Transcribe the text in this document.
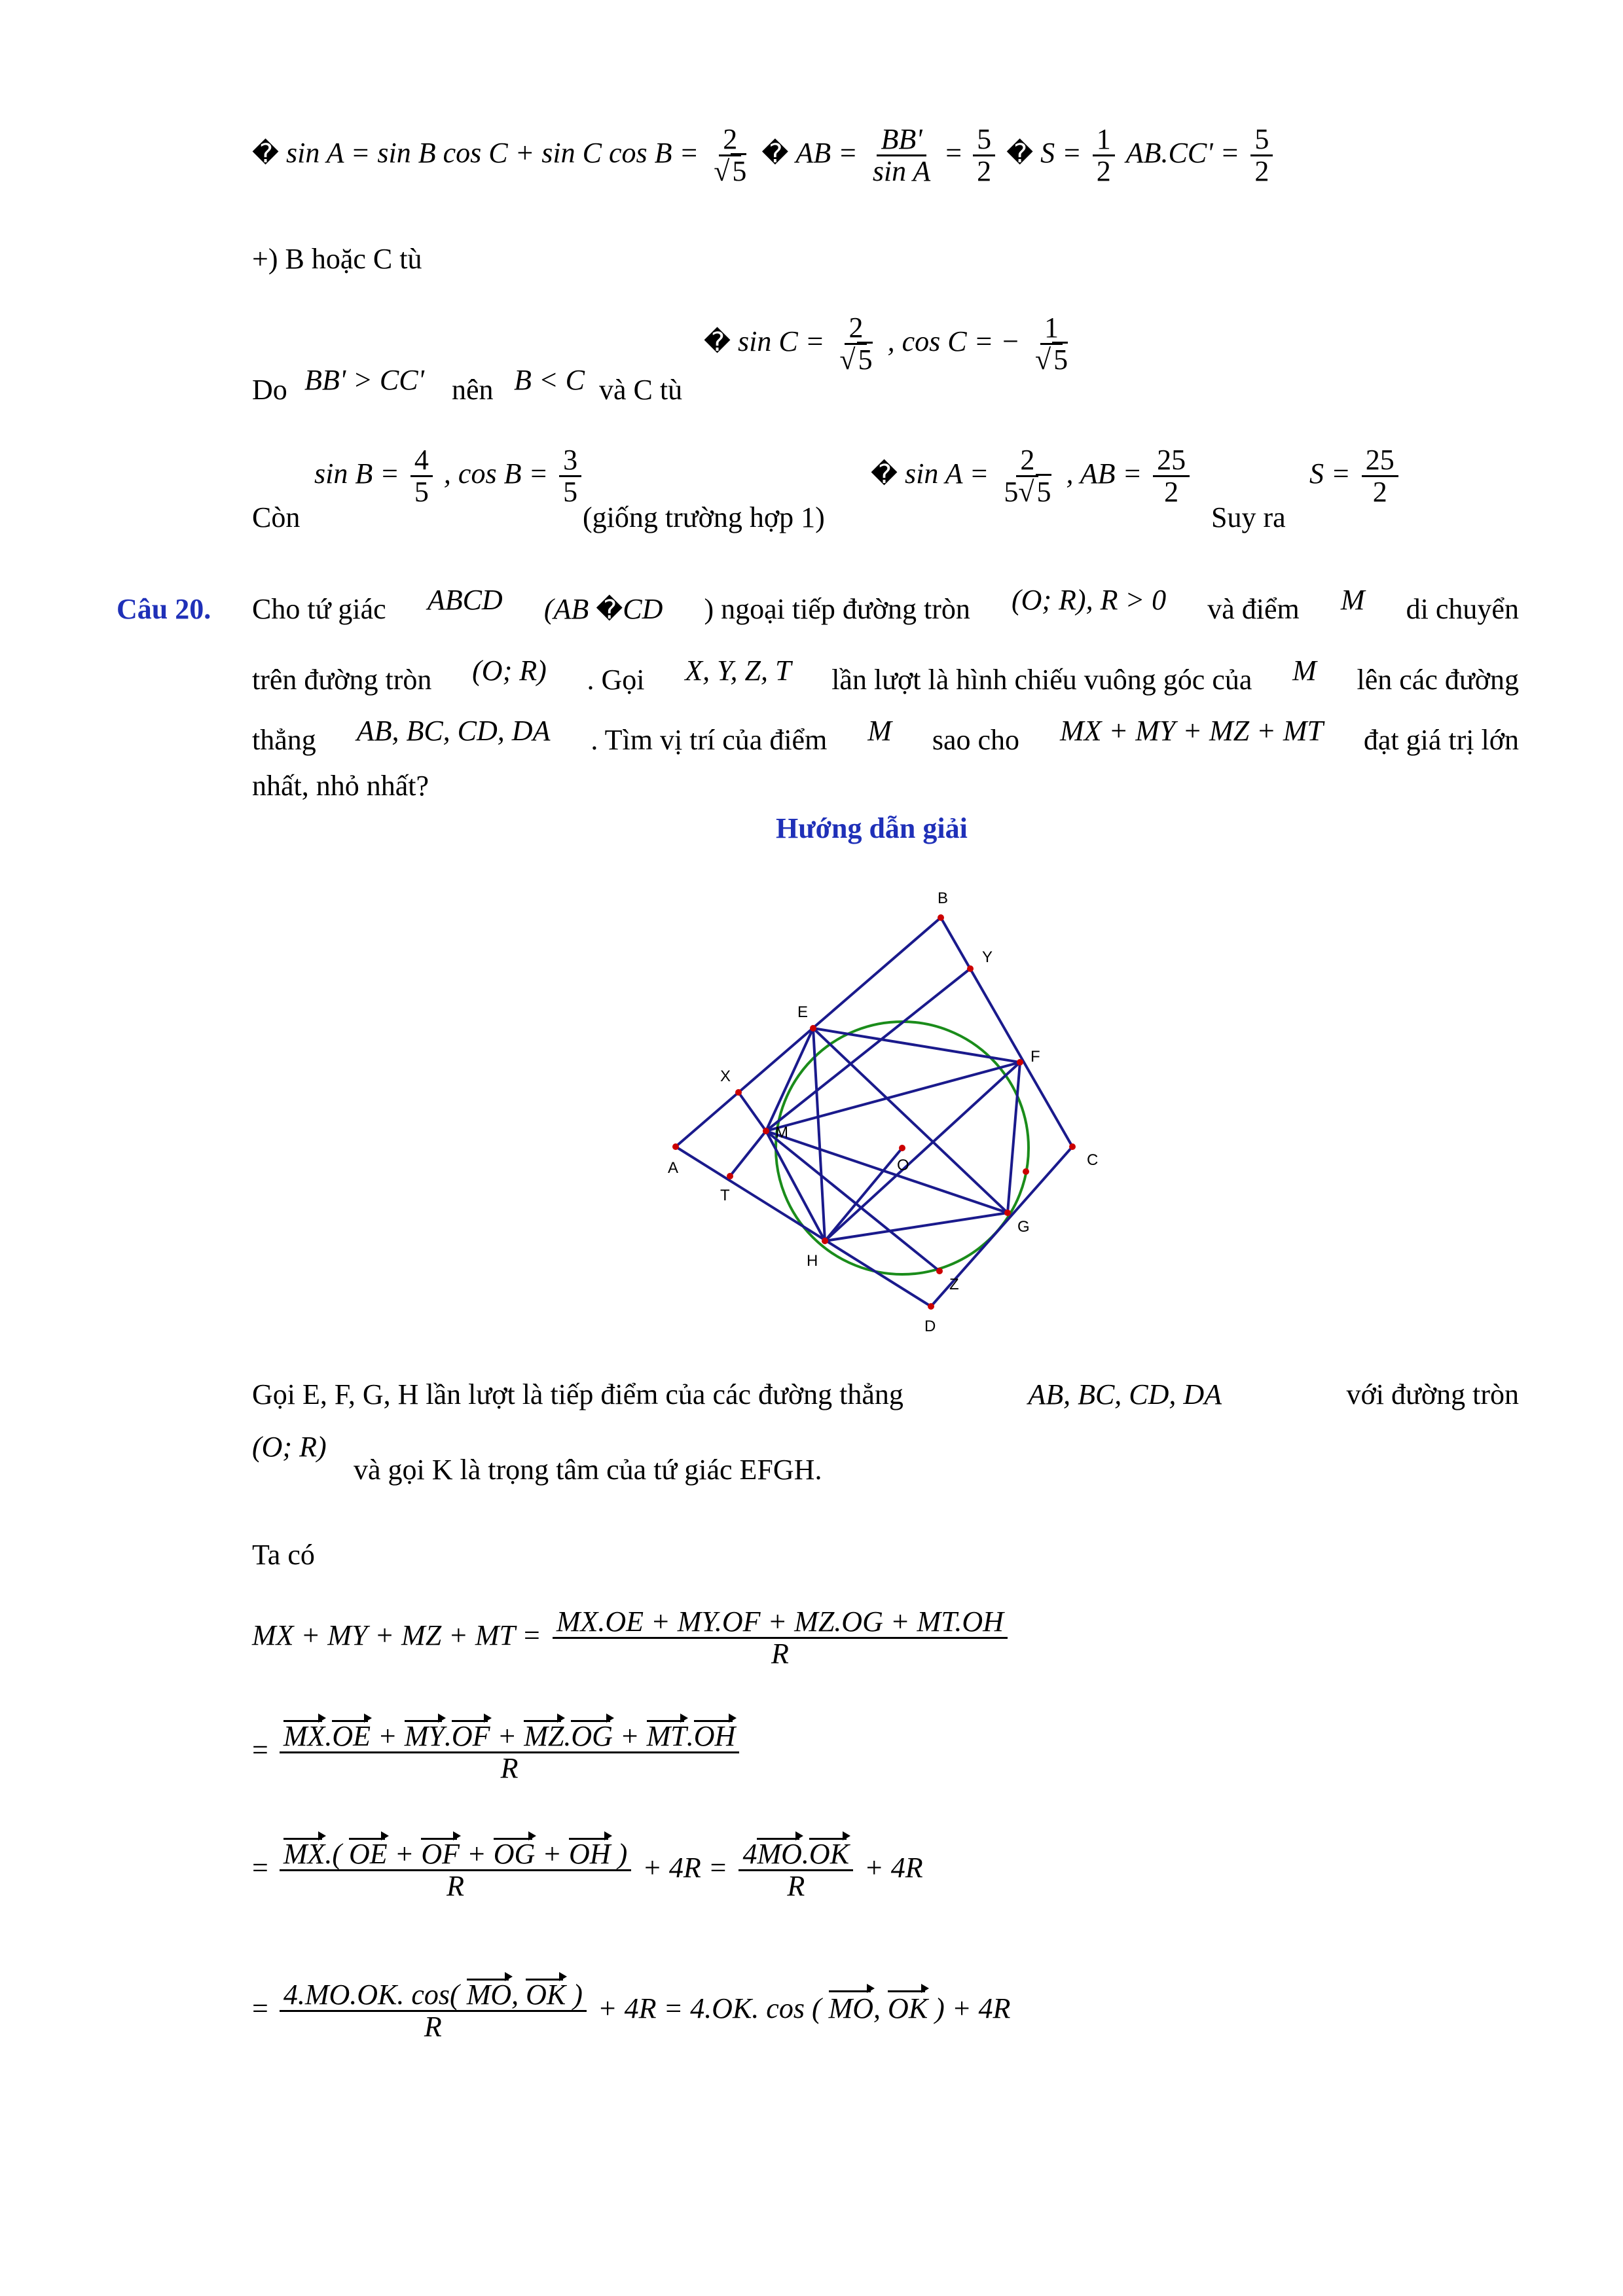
� sin A = sin B cos C + sin C $\cos B = \frac{2}{√5}$ � AB = $\frac{BB'}{\text{sin A}} = \frac{5}{2}$ � $S = \frac{1}{2} AB.CC' = \frac{5}{2}$
+) B hoặc C tù
Do BB' > CC' nên B < C và C tù
� $\sin C = \frac{2}{√5}$ , cos C = − $\frac{1}{√5}$
Còn
$\sin B = \frac{4}{5}$ , $\cos B = \frac{3}{5}$
(giống trường hợp 1)
� $\sin A = \frac{2}{5√5}$ , AB = $\frac{25}{2}$
Suy ra
$S = \frac{25}{2}$
Câu 20. Cho tứ giác ABCD (AB �CD ) ngoại tiếp đường tròn (O; R), R > 0 và điểm M di chuyển
trên đường tròn (O; R) . Gọi X, Y, Z, T lần lượt là hình chiếu vuông góc của M lên các đường
thẳng AB, BC, CD, DA . Tìm vị trí của điểm M sao cho MX + MY + MZ + MT đạt giá trị lớn
nhất, nhỏ nhất?
Hướng dẫn giải
A
B
C
D
E
F
G
H
M
O
X
Y
Z
T
Gọi E, F, G, H lần lượt là tiếp điểm của các đường thẳng	AB, BC, CD, DA	với đường tròn
(O; R)
và gọi K là trọng tâm của tứ giác EFGH.
Ta có
MX + MY + MZ + MT = $\frac{MX.OE + MY.OF + MZ.OG + MT.OH}{R}$
= $\frac{MX.OE + MY.OF + MZ.OG + MT.OH}{R}$
= $\frac{MX.( OE + OF + OG + OH )}{R} + 4R = \frac{4MO.OK}{R} + 4R$
= $\frac{4.MO.OK. \cos( MO, OK )}{R} + 4R = 4.OK$. cos ( MO, OK ) + 4R
